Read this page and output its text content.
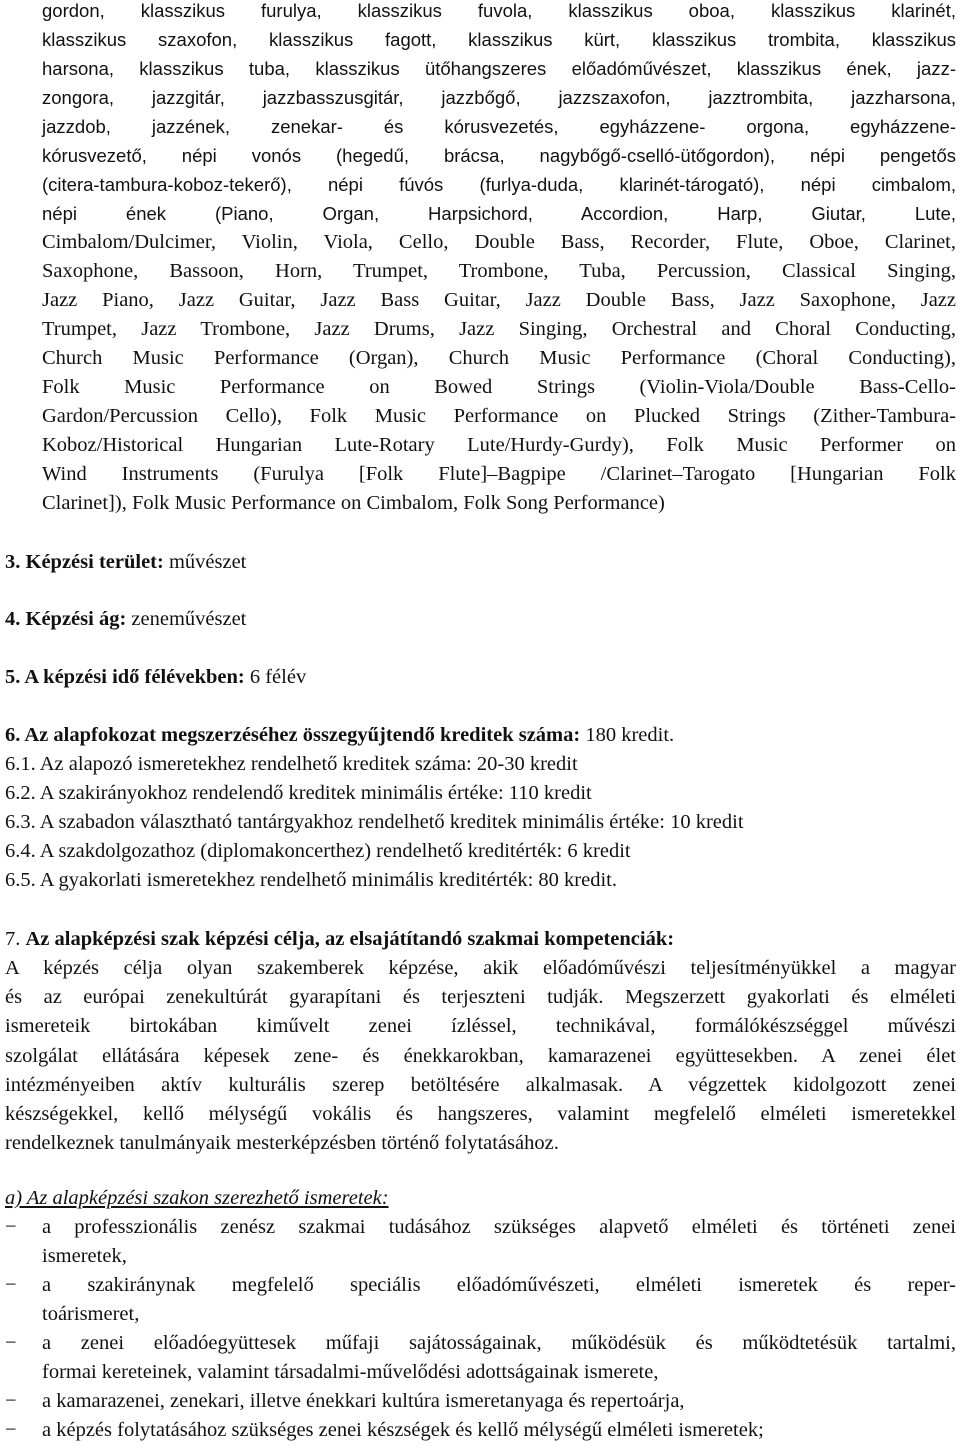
gordon, klasszikus furulya, klasszikus fuvola, klasszikus oboa, klasszikus klarinét,
klasszikus szaxofon, klasszikus fagott, klasszikus kürt, klasszikus trombita, klasszikus
harsona, klasszikus tuba, klasszikus ütőhangszeres előadóművészet, klasszikus ének, jazz-
zongora, jazzgitár, jazzbasszusgitár, jazzbőgő, jazzszaxofon, jazztrombita, jazzharsona,
jazzdob, jazzének, zenekar- és kórusvezetés, egyházzene- orgona, egyházzene-
kórusvezető, népi vonós (hegedű, brácsa, nagybőgő-cselló-ütőgordon), népi pengetős
(citera-tambura-koboz-tekerő), népi fúvós (furlya-duda, klarinét-tárogató), népi cimbalom,
népi ének (Piano, Organ, Harpsichord, Accordion, Harp, Giutar, Lute,
Cimbalom/Dulcimer, Violin, Viola, Cello, Double Bass, Recorder, Flute, Oboe, Clarinet,
Saxophone, Bassoon, Horn, Trumpet, Trombone, Tuba, Percussion, Classical Singing,
Jazz Piano, Jazz Guitar, Jazz Bass Guitar, Jazz Double Bass, Jazz Saxophone, Jazz
Trumpet, Jazz Trombone, Jazz Drums, Jazz Singing, Orchestral and Choral Conducting,
Church Music Performance (Organ), Church Music Performance (Choral Conducting),
Folk Music Performance on Bowed Strings (Violin-Viola/Double Bass-Cello-
Gardon/Percussion Cello), Folk Music Performance on Plucked Strings (Zither-Tambura-
Koboz/Historical Hungarian Lute-Rotary Lute/Hurdy-Gurdy), Folk Music Performer on
Wind Instruments (Furulya [Folk Flute]–Bagpipe /Clarinet–Tarogato [Hungarian Folk
Clarinet]), Folk Music Performance on Cimbalom, Folk Song Performance)
3. Képzési terület: művészet
4. Képzési ág: zeneművészet
5. A képzési idő félévekben: 6 félév
6. Az alapfokozat megszerzéséhez összegyűjtendő kreditek száma: 180 kredit.
6.1. Az alapozó ismeretekhez rendelhető kreditek száma: 20-30 kredit
6.2. A szakirányokhoz rendelendő kreditek minimális értéke: 110 kredit
6.3. A szabadon választható tantárgyakhoz rendelhető kreditek minimális értéke: 10 kredit
6.4. A szakdolgozathoz (diplomakoncerthez) rendelhető kreditérték: 6 kredit
6.5. A gyakorlati ismeretekhez rendelhető minimális kreditérték: 80 kredit.
7. Az alapképzési szak képzési célja, az elsajátítandó szakmai kompetenciák:
A képzés célja olyan szakemberek képzése, akik előadóművészi teljesítményükkel a magyar
és az európai zenekultúrát gyarapítani és terjeszteni tudják. Megszerzett gyakorlati és elméleti
ismereteik birtokában kiművelt zenei ízléssel, technikával, formálókészséggel művészi
szolgálat ellátására képesek zene- és énekkarokban, kamarazenei együttesekben. A zenei élet
intézményeiben aktív kulturális szerep betöltésére alkalmasak. A végzettek kidolgozott zenei
készségekkel, kellő mélységű vokális és hangszeres, valamint megfelelő elméleti ismeretekkel
rendelkeznek tanulmányaik mesterképzésben történő folytatásához.
a) Az alapképzési szakon szerezhető ismeretek:
−	a professzionális zenész szakmai tudásához szükséges alapvető elméleti és történeti zenei
ismeretek,
−	a szakiránynak megfelelő speciális előadóművészeti, elméleti ismeretek és reper-
toárismeret,
−	a zenei előadóegyüttesek műfaji sajátosságainak, működésük és működtetésük tartalmi,
formai kereteinek, valamint társadalmi-művelődési adottságainak ismerete,
−	a kamarazenei, zenekari, illetve énekkari kultúra ismeretanyaga és repertoárja,
−	a képzés folytatásához szükséges zenei készségek és kellő mélységű elméleti ismeretek;
